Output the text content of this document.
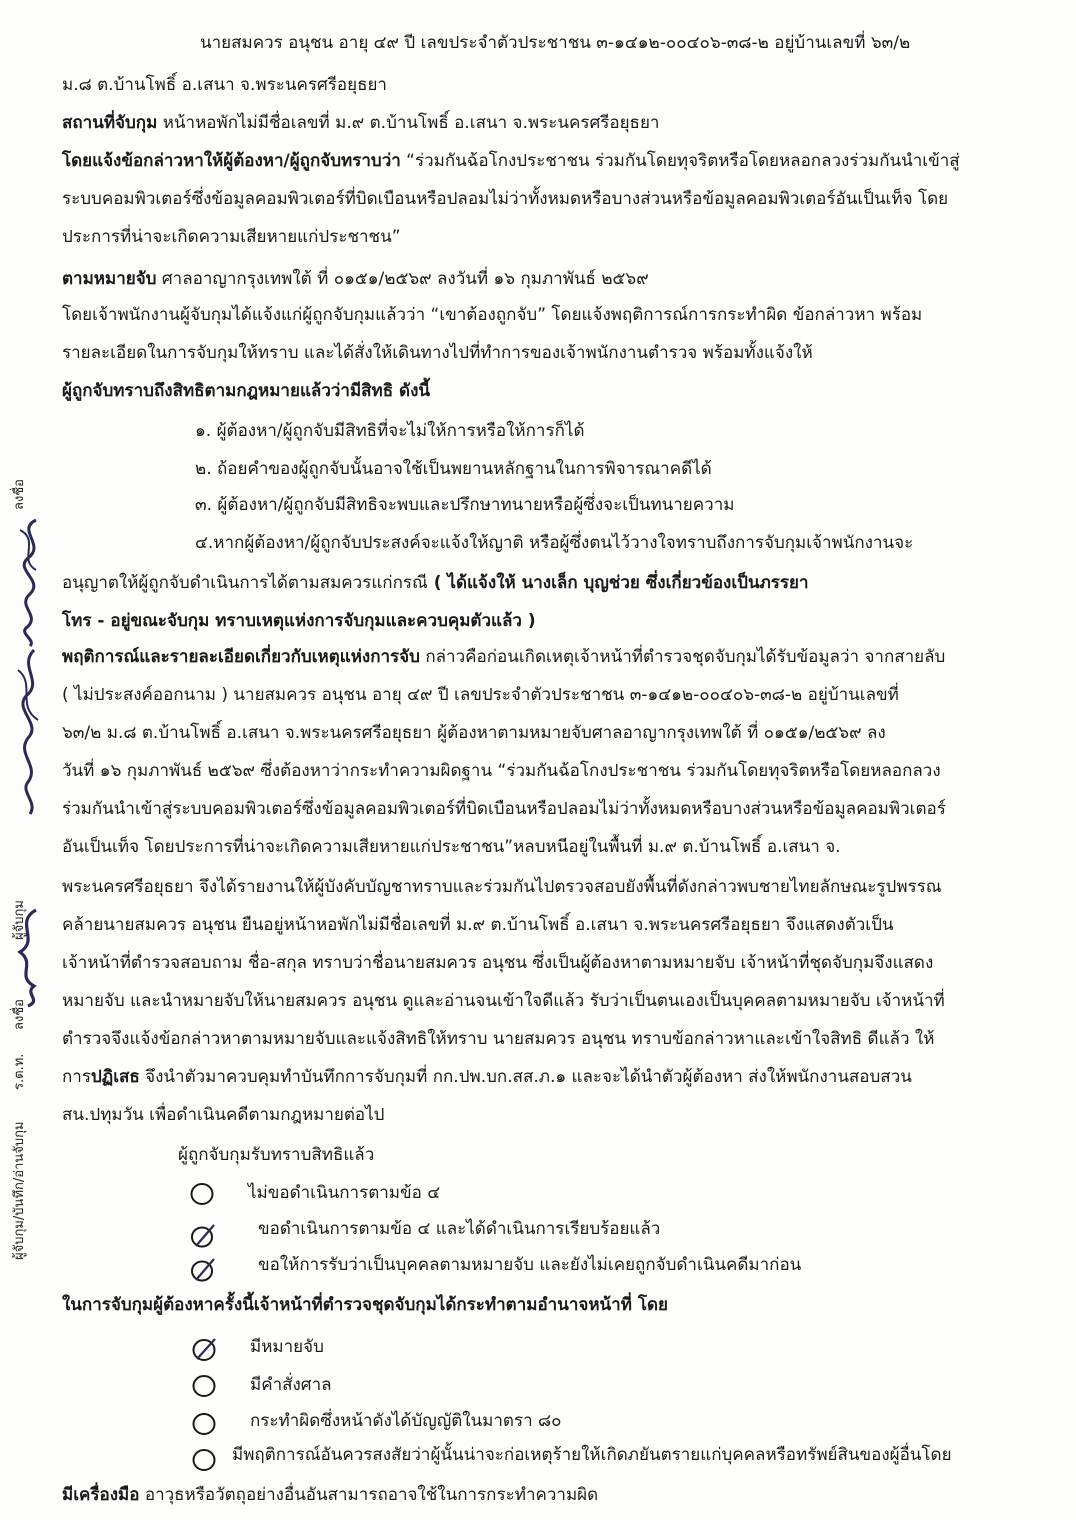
นายสมควร อนุชน อายุ ๔๙ ปี เลขประจำตัวประชาชน ๓-๑๔๑๒-๐๐๔๐๖-๓๘-๒ อยู่บ้านเลขที่ ๖๓/๒

ม.๘ ต.บ้านโพธิ์ อ.เสนา จ.พระนครศรีอยุธยา

สถานที่จับกุม หน้าหอพักไม่มีชื่อเลขที่ ม.๙ ต.บ้านโพธิ์ อ.เสนา จ.พระนครศรีอยุธยา

โดยแจ้งข้อกล่าวหาให้ผู้ต้องหา/ผู้ถูกจับทราบว่า “ร่วมกันฉ้อโกงประชาชน ร่วมกันโดยทุจริตหรือโดยหลอกลวงร่วมกันนำเข้าสู่

ระบบคอมพิวเตอร์ซึ่งข้อมูลคอมพิวเตอร์ที่บิดเบือนหรือปลอมไม่ว่าทั้งหมดหรือบางส่วนหรือข้อมูลคอมพิวเตอร์อันเป็นเท็จ โดย

ประการที่น่าจะเกิดความเสียหายแก่ประชาชน”

ตามหมายจับ ศาลอาญากรุงเทพใต้ ที่ ๐๑๕๑/๒๕๖๙ ลงวันที่ ๑๖ กุมภาพันธ์ ๒๕๖๙

โดยเจ้าพนักงานผู้จับกุมได้แจ้งแก่ผู้ถูกจับกุมแล้วว่า “เขาต้องถูกจับ” โดยแจ้งพฤติการณ์การกระทำผิด ข้อกล่าวหา พร้อม

รายละเอียดในการจับกุมให้ทราบ และได้สั่งให้เดินทางไปที่ทำการของเจ้าพนักงานตำรวจ พร้อมทั้งแจ้งให้

ผู้ถูกจับทราบถึงสิทธิตามกฎหมายแล้วว่ามีสิทธิ ดังนี้

๑. ผู้ต้องหา/ผู้ถูกจับมีสิทธิที่จะไม่ให้การหรือให้การก็ได้

๒. ถ้อยคำของผู้ถูกจับนั้นอาจใช้เป็นพยานหลักฐานในการพิจารณาคดีได้

๓. ผู้ต้องหา/ผู้ถูกจับมีสิทธิจะพบและปรึกษาทนายหรือผู้ซึ่งจะเป็นทนายความ

๔.หากผู้ต้องหา/ผู้ถูกจับประสงค์จะแจ้งให้ญาติ หรือผู้ซึ่งตนไว้วางใจทราบถึงการจับกุมเจ้าพนักงานจะ

อนุญาตให้ผู้ถูกจับดำเนินการได้ตามสมควรแก่กรณี ( ได้แจ้งให้ นางเล็ก บุญช่วย ซึ่งเกี่ยวข้องเป็นภรรยา

โทร - อยู่ขณะจับกุม ทราบเหตุแห่งการจับกุมและควบคุมตัวแล้ว )

พฤติการณ์และรายละเอียดเกี่ยวกับเหตุแห่งการจับ กล่าวคือก่อนเกิดเหตุเจ้าหน้าที่ตำรวจชุดจับกุมได้รับข้อมูลว่า จากสายลับ

( ไม่ประสงค์ออกนาม ) นายสมควร อนุชน อายุ ๔๙ ปี เลขประจำตัวประชาชน ๓-๑๔๑๒-๐๐๔๐๖-๓๘-๒ อยู่บ้านเลขที่

๖๓/๒ ม.๘ ต.บ้านโพธิ์ อ.เสนา จ.พระนครศรีอยุธยา ผู้ต้องหาตามหมายจับศาลอาญากรุงเทพใต้ ที่ ๐๑๕๑/๒๕๖๙ ลง

วันที่ ๑๖ กุมภาพันธ์ ๒๕๖๙ ซึ่งต้องหาว่ากระทำความผิดฐาน “ร่วมกันฉ้อโกงประชาชน ร่วมกันโดยทุจริตหรือโดยหลอกลวง

ร่วมกันนำเข้าสู่ระบบคอมพิวเตอร์ซึ่งข้อมูลคอมพิวเตอร์ที่บิดเบือนหรือปลอมไม่ว่าทั้งหมดหรือบางส่วนหรือข้อมูลคอมพิวเตอร์

อันเป็นเท็จ โดยประการที่น่าจะเกิดความเสียหายแก่ประชาชน”หลบหนีอยู่ในพื้นที่ ม.๙ ต.บ้านโพธิ์ อ.เสนา จ.

พระนครศรีอยุธยา จึงได้รายงานให้ผู้บังคับบัญชาทราบและร่วมกันไปตรวจสอบยังพื้นที่ดังกล่าวพบชายไทยลักษณะรูปพรรณ

คล้ายนายสมควร อนุชน ยืนอยู่หน้าหอพักไม่มีชื่อเลขที่ ม.๙ ต.บ้านโพธิ์ อ.เสนา จ.พระนครศรีอยุธยา จึงแสดงตัวเป็น

เจ้าหน้าที่ตำรวจสอบถาม ชื่อ-สกุล ทราบว่าชื่อนายสมควร อนุชน ซึ่งเป็นผู้ต้องหาตามหมายจับ เจ้าหน้าที่ชุดจับกุมจึงแสดง

หมายจับ และนำหมายจับให้นายสมควร อนุชน ดูและอ่านจนเข้าใจดีแล้ว รับว่าเป็นตนเองเป็นบุคคลตามหมายจับ เจ้าหน้าที่

ตำรวจจึงแจ้งข้อกล่าวหาตามหมายจับและแจ้งสิทธิให้ทราบ นายสมควร อนุชน ทราบข้อกล่าวหาและเข้าใจสิทธิ ดีแล้ว ให้

การปฏิเสธ จึงนำตัวมาควบคุมทำบันทึกการจับกุมที่ กก.ปพ.บก.สส.ภ.๑ และจะได้นำตัวผู้ต้องหา ส่งให้พนักงานสอบสวน

สน.ปทุมวัน เพื่อดำเนินคดีตามกฎหมายต่อไป

ผู้ถูกจับกุมรับทราบสิทธิแล้ว

ไม่ขอดำเนินการตามข้อ ๔
ขอดำเนินการตามข้อ ๔ และได้ดำเนินการเรียบร้อยแล้ว
ขอให้การรับว่าเป็นบุคคลตามหมายจับ และยังไม่เคยถูกจับดำเนินคดีมาก่อน

ในการจับกุมผู้ต้องหาครั้งนี้เจ้าหน้าที่ตำรวจชุดจับกุมได้กระทำตามอำนาจหน้าที่ โดย

มีหมายจับ
มีคำสั่งศาล
กระทำผิดซึ่งหน้าดังได้บัญญัติในมาตรา ๘๐
มีพฤติการณ์อันควรสงสัยว่าผู้นั้นน่าจะก่อเหตุร้ายให้เกิดภยันตรายแก่บุคคลหรือทรัพย์สินของผู้อื่นโดย

มีเครื่องมือ อาวุธหรือวัตถุอย่างอื่นอันสามารถอาจใช้ในการกระทำความผิด

ลงชื่อ
ลงชื่อ
ผู้จับกุม
ร.ต.ท.
ผู้จับกุม/บันทึก/อ่านจับกุม
